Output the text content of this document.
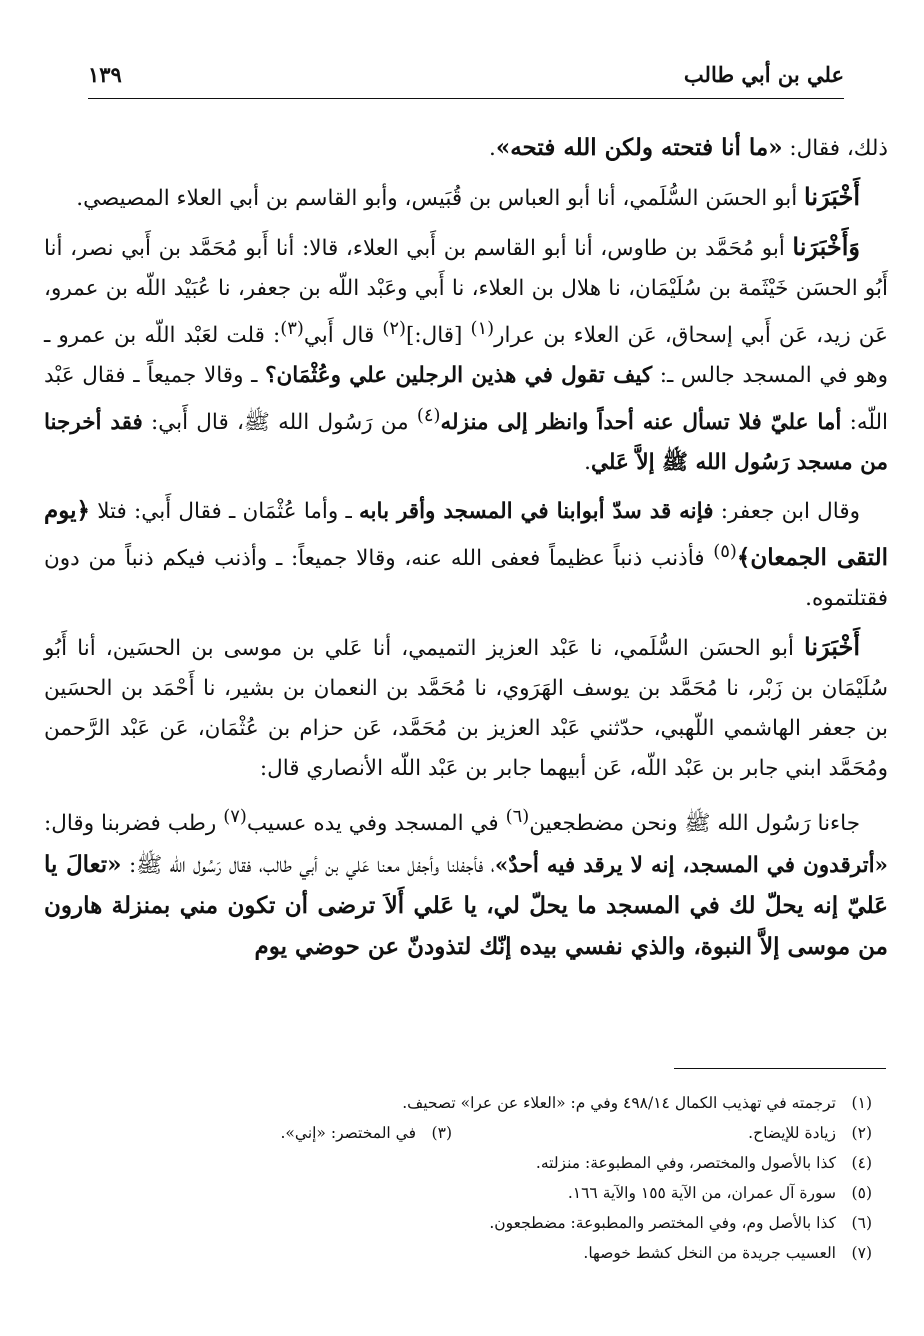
علي بن أبي طالب
١٣٩

ذلك، فقال: «ما أنا فتحته ولكن الله فتحه».

أَخْبَرَنا أبو الحسَن السُّلَمي، أنا أبو العباس بن قُبَيس، وأبو القاسم بن أبي العلاء المصيصي.

وَأَخْبَرَنا أبو مُحَمَّد بن طاوس، أنا أبو القاسم بن أَبي العلاء، قالا: أنا أَبو مُحَمَّد بن أَبي نصر، أنا أَبُو الحسَن خَيْثَمة بن سُلَيْمَان، نا هلال بن العلاء، نا أَبي وعَبْد اللّه بن جعفر، نا عُبَيْد اللّه بن عمرو، عَن زيد، عَن أَبي إسحاق، عَن العلاء بن عرار$^{(١)}$ [قال:]$^{(٢)}$ قال أَبي$^{(٣)}$: قلت لعَبْد اللّه بن عمرو ـ وهو في المسجد جالس ـ: كيف تقول في هذين الرجلين علي وعُثْمَان؟ ـ وقالا جميعاً ـ فقال عَبْد اللّه: أما عليّ فلا تسأل عنه أحداً وانظر إلى منزله$^{(٤)}$ من رَسُول الله ﷺ، قال أَبي: فقد أخرجنا من مسجد رَسُول الله ﷺ إلاَّ عَلي.

وقال ابن جعفر: فإنه قد سدّ أبوابنا في المسجد وأقر بابه ـ وأما عُثْمَان ـ فقال أَبي: فتلا ﴿يوم التقى الجمعان﴾$^{(٥)}$ فأذنب ذنباً عظيماً فعفى الله عنه، وقالا جميعاً: ـ وأذنب فيكم ذنباً من دون فقتلتموه.

أَخْبَرَنا أبو الحسَن السُّلَمي، نا عَبْد العزيز التميمي، أنا عَلي بن موسى بن الحسَين، أنا أَبُو سُلَيْمَان بن زَبْر، نا مُحَمَّد بن يوسف الهَرَوي، نا مُحَمَّد بن النعمان بن بشير، نا أَحْمَد بن الحسَين بن جعفر الهاشمي اللّهبي، حدّثني عَبْد العزيز بن مُحَمَّد، عَن حزام بن عُثْمَان، عَن عَبْد الرَّحمن ومُحَمَّد ابني جابر بن عَبْد اللّه، عَن أبيهما جابر بن عَبْد اللّه الأنصاري قال:

جاءنا رَسُول الله ﷺ ونحن مضطجعين$^{(٦)}$ في المسجد وفي يده عسيب$^{(٧)}$ رطب فضربنا وقال: «أترقدون في المسجد، إنه لا يرقد فيه أحدٌ»، فأجفلنا وأجفل معنا عَلي بن أبي طالب، فقال رَسُول الله ﷺ: «تعالَ يا عَليّ إنه يحلّ لك في المسجد ما يحلّ لي، يا عَلي أَلاَ ترضى أن تكون مني بمنزلة هارون من موسى إلاَّ النبوة، والذي نفسي بيده إنّك لتذودنّ عن حوضي يوم

(١)ترجمته في تهذيب الكمال ٤٩٨/١٤ وفي م: «العلاء عن عرا» تصحيف.
(٢)زيادة للإيضاح.
(٣)في المختصر: «إني».
(٤)كذا بالأصول والمختصر، وفي المطبوعة: منزلته.
(٥)سورة آل عمران، من الآية ١٥٥ والآية ١٦٦.
(٦)كذا بالأصل وم، وفي المختصر والمطبوعة: مضطجعون.
(٧)العسيب جريدة من النخل كشط خوصها.
